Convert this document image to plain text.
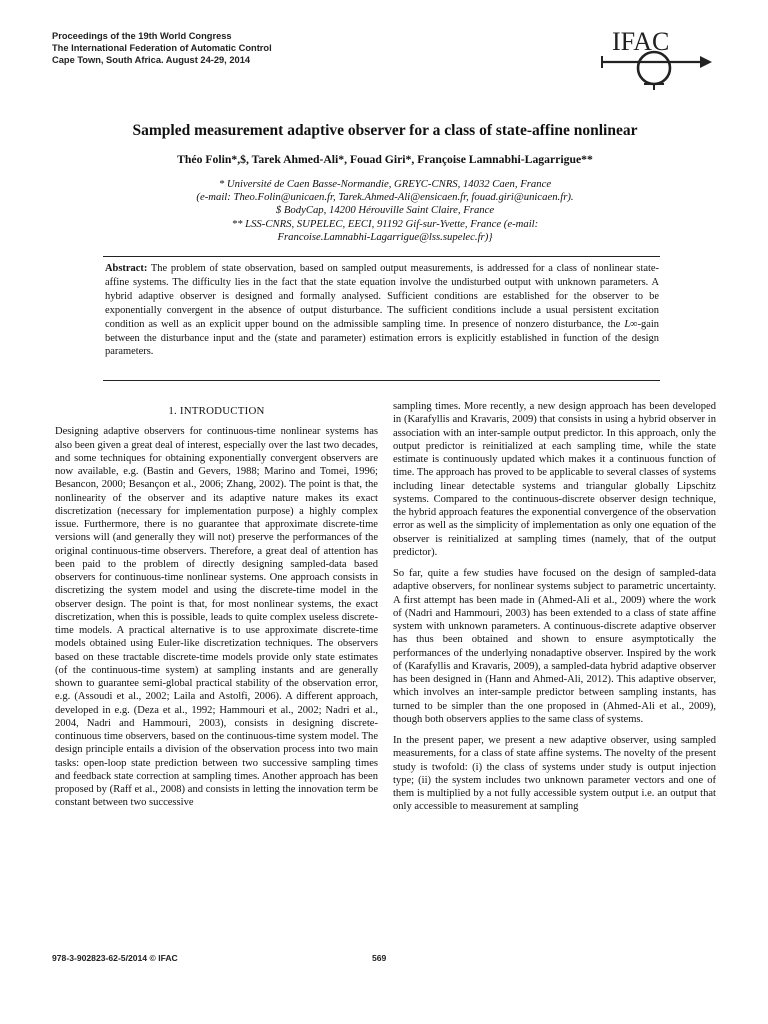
Proceedings of the 19th World Congress
The International Federation of Automatic Control
Cape Town, South Africa. August 24-29, 2014
IFAC
Sampled measurement adaptive observer for a class of state-affine nonlinear
Théo Folin*,$, Tarek Ahmed-Ali*, Fouad Giri*, Françoise Lamnabhi-Lagarrigue**
* Université de Caen Basse-Normandie, GREYC-CNRS, 14032 Caen, France
(e-mail: Theo.Folin@unicaen.fr, Tarek.Ahmed-Ali@ensicaen.fr, fouad.giri@unicaen.fr).
$ BodyCap, 14200 Hérouville Saint Claire, France
** LSS-CNRS, SUPELEC, EECI, 91192 Gif-sur-Yvette, France (e-mail:
Francoise.Lamnabhi-Lagarrigue@lss.supelec.fr)}
Abstract: The problem of state observation, based on sampled output measurements, is addressed for a class of nonlinear state-affine systems. The difficulty lies in the fact that the state equation involve the undisturbed output with unknown parameters. A hybrid adaptive observer is designed and formally analysed. Sufficient conditions are established for the observer to be exponentially convergent in the absence of output disturbance. The sufficient conditions include a usual persistent excitation condition as well as an explicit upper bound on the admissible sampling time. In presence of nonzero disturbance, the L∞-gain between the disturbance input and the (state and parameter) estimation errors is explicitly established in function of the design parameters.
1. INTRODUCTION

Designing adaptive observers for continuous-time nonlinear systems has also been given a great deal of interest, especially over the last two decades, and some techniques for obtaining exponentially convergent observers are now available, e.g. (Bastin and Gevers, 1988; Marino and Tomei, 1996; Besancon, 2000; Besançon et al., 2006; Zhang, 2002). The point is that, the nonlinearity of the observer and its adaptive nature makes its exact discretization (necessary for implementation purpose) a highly complex issue. Furthermore, there is no guarantee that approximate discrete-time versions will (and generally they will not) preserve the performances of the original continuous-time observers. Therefore, a great deal of attention has been paid to the problem of directly designing sampled-data based observers for continuous-time nonlinear systems. One approach consists in discretizing the system model and using the discrete-time model in the observer design. The point is that, for most nonlinear systems, the exact discretization, when this is possible, leads to quite complex useless discrete-time models. A practical alternative is to use approximate discrete-time models obtained using Euler-like discretization techniques. The observers based on these tractable discrete-time models provide only state estimates (of the continuous-time system) at sampling instants and are generally shown to guarantee semi-global practical stability of the observation error, e.g. (Assoudi et al., 2002; Laila and Astolfi, 2006). A different approach, developed in e.g. (Deza et al., 1992; Hammouri et al., 2002; Nadri et al., 2004, Nadri and Hammouri, 2003), consists in designing discrete-continuous time observers, based on the continuous-time system model. The design principle entails a division of the observation process into two main tasks: open-loop state prediction between two successive sampling times and feedback state correction at sampling times. Another approach has been proposed by (Raff et al., 2008) and consists in letting the innovation term be constant between two successive

sampling times. More recently, a new design approach has been developed in (Karafyllis and Kravaris, 2009) that consists in using a hybrid observer in association with an inter-sample output predictor. In this approach, only the output predictor is reinitialized at each sampling time, while the state estimate is continuously updated which makes it a continuous function of time. The approach has proved to be applicable to several classes of systems including linear detectable systems and triangular globally Lipschitz systems. Compared to the continuous-discrete observer design technique, the hybrid approach features the exponential convergence of the observation error as well as the simplicity of implementation as only one equation of the observer is reinitialized at sampling times (namely, that of the output predictor).

So far, quite a few studies have focused on the design of sampled-data adaptive observers, for nonlinear systems subject to parametric uncertainty. A first attempt has been made in (Ahmed-Ali et al., 2009) where the work of (Nadri and Hammouri, 2003) has been extended to a class of state affine system with unknown parameters. A continuous-discrete adaptive observer has thus been obtained and shown to ensure asymptotically the performances of the underlying nonadaptive observer. Inspired by the work of (Karafyllis and Kravaris, 2009), a sampled-data hybrid adaptive observer has been designed in (Hann and Ahmed-Ali, 2012). This adaptive observer, which involves an inter-sample predictor between sampling instants, has turned to be simpler than the one proposed in (Ahmed-Ali et al., 2009), though both observers applies to the same class of systems.

In the present paper, we present a new adaptive observer, using sampled measurements, for a class of state affine systems. The novelty of the present study is twofold: (i) the class of systems under study is output injection type; (ii) the system includes two unknown parameter vectors and one of them is multiplied by a not fully accessible system output i.e. an output that only accessible to measurement at sampling

978-3-902823-62-5/2014 © IFAC	569
